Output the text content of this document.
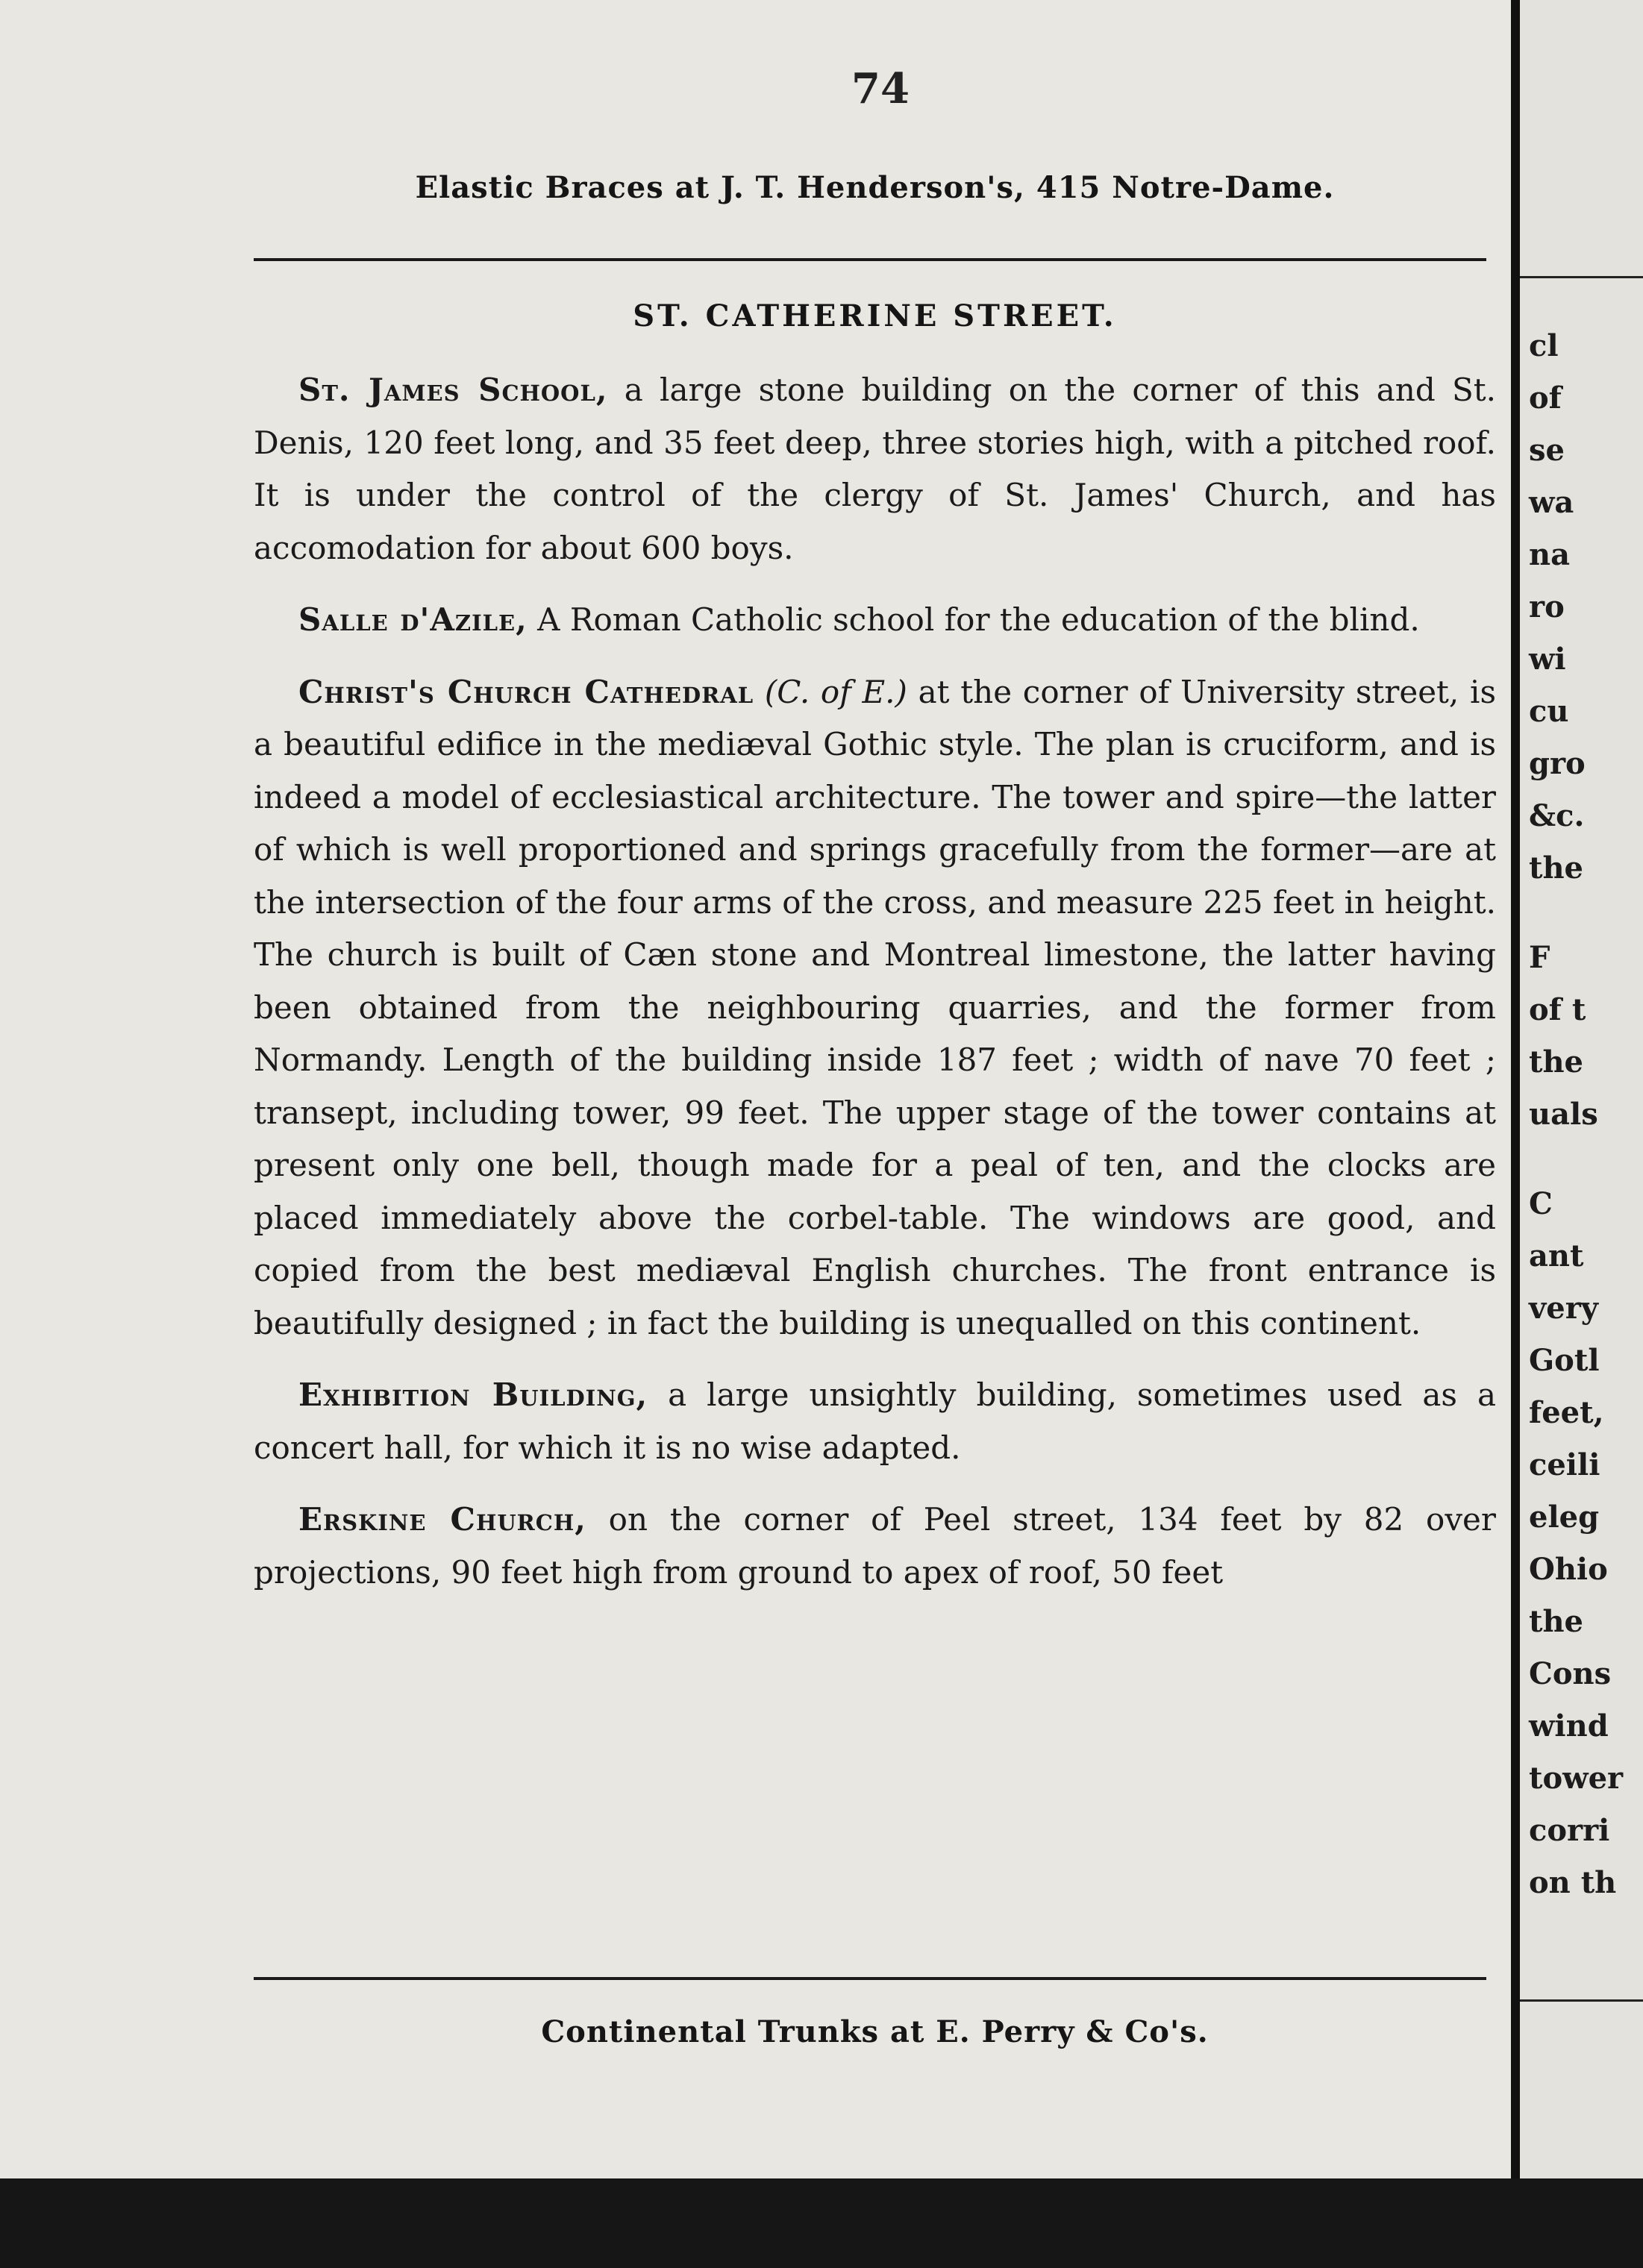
74
Elastic Braces at J. T. Henderson's, 415 Notre-Dame.
ST. CATHERINE STREET.

St. James School, a large stone building on the corner of this and St. Denis, 120 feet long, and 35 feet deep, three stories high, with a pitched roof. It is under the control of the clergy of St. James' Church, and has accomodation for about 600 boys.

Salle d'Azile, A Roman Catholic school for the education of the blind.

Christ's Church Cathedral (C. of E.) at the corner of University street, is a beautiful edifice in the mediæval Gothic style. The plan is cruciform, and is indeed a model of ecclesiastical architecture. The tower and spire—the latter of which is well proportioned and springs gracefully from the former—are at the intersection of the four arms of the cross, and measure 225 feet in height. The church is built of Cæn stone and Montreal limestone, the latter having been obtained from the neighbouring quarries, and the former from Normandy. Length of the building inside 187 feet ; width of nave 70 feet ; transept, including tower, 99 feet. The upper stage of the tower contains at present only one bell, though made for a peal of ten, and the clocks are placed immediately above the corbel-table. The windows are good, and copied from the best mediæval English churches. The front entrance is beautifully designed ; in fact the building is unequalled on this continent.

Exhibition Building, a large unsightly building, sometimes used as a concert hall, for which it is no wise adapted.

Erskine Church, on the corner of Peel street, 134 feet by 82 over projections, 90 feet high from ground to apex of roof, 50 feet

Continental Trunks at E. Perry & Co's.
cl
of
se
wa
na
ro
wi
cu
gro
&c.
the
F
of t
the
uals
C
ant
very
Gotl
feet,
ceili
eleg
Ohio
the
Cons
wind
tower
corri
on th
